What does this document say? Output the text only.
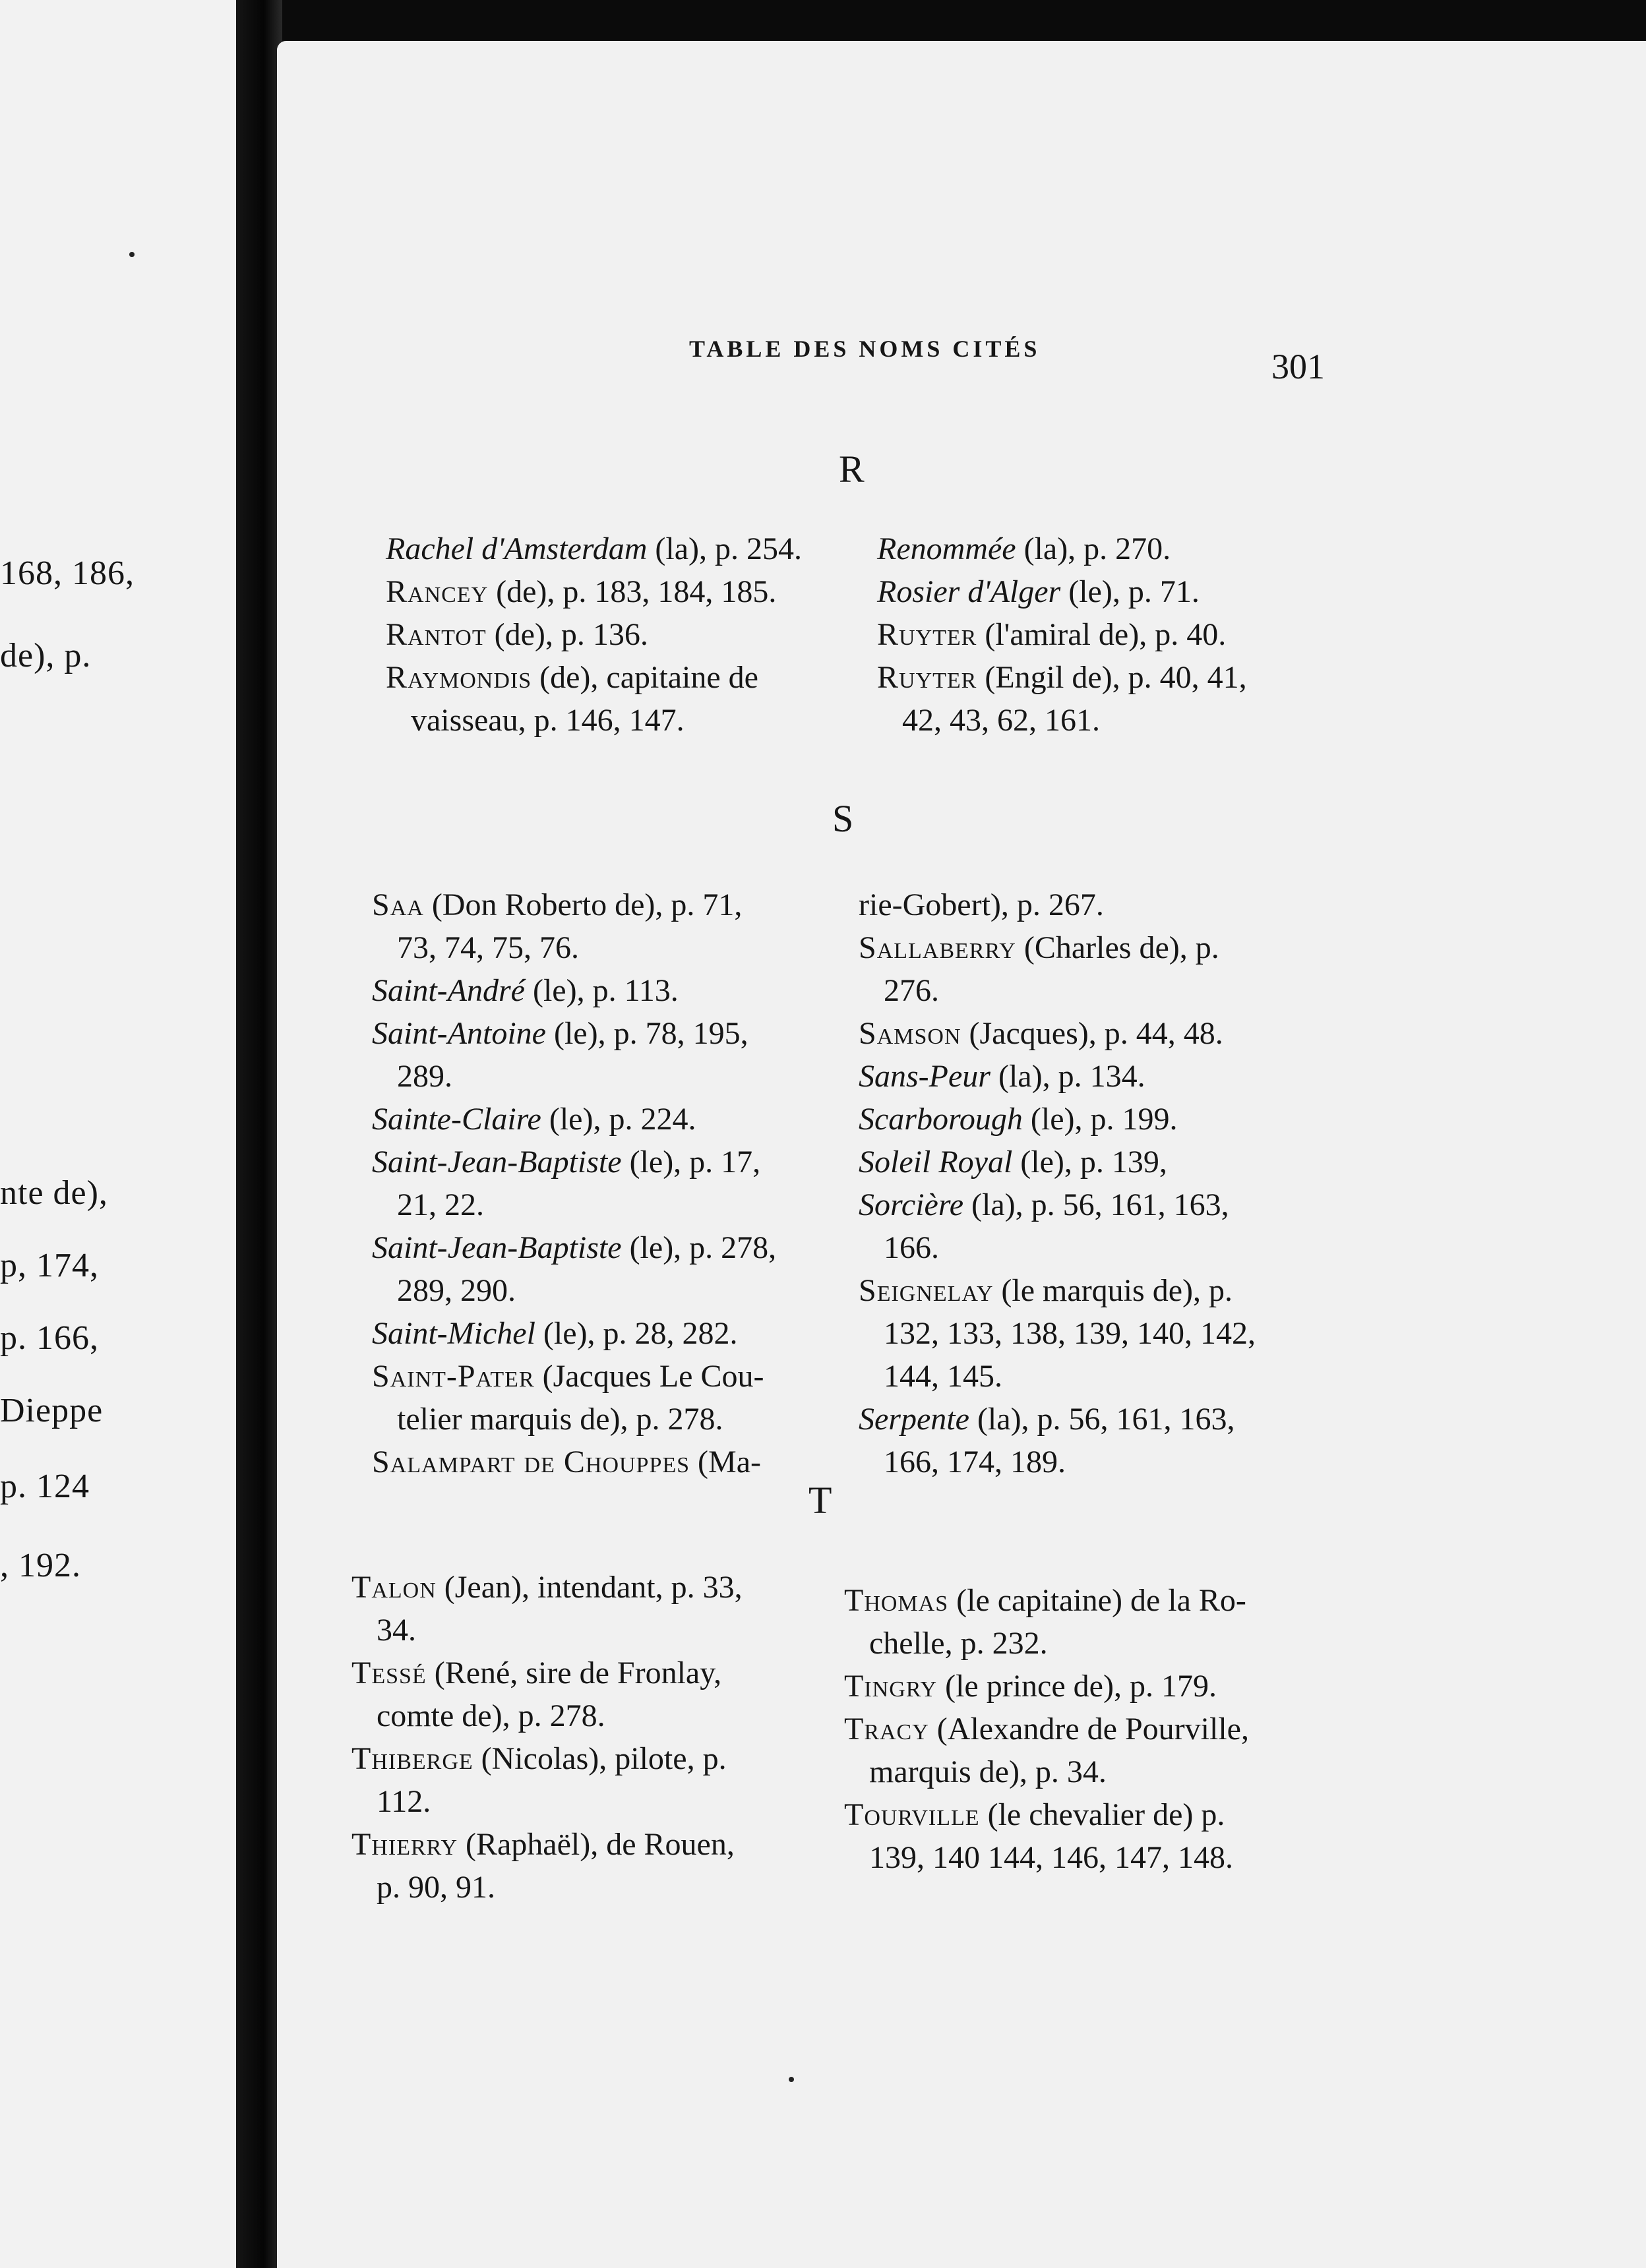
168, 186,
de), p.
nte de),
p, 174,
p. 166,
Dieppe
p. 124
, 192.
TABLE DES NOMS CITÉS	301
R
S
T
Rachel d'Amsterdam (la), p. 254.
Rancey (de), p. 183, 184, 185.
Rantot (de), p. 136.
Raymondis (de), capitaine de
vaisseau, p. 146, 147.
Renommée (la), p. 270.
Rosier d'Alger (le), p. 71.
Ruyter (l'amiral de), p. 40.
Ruyter (Engil de), p. 40, 41,
42, 43, 62, 161.
Saa (Don Roberto de), p. 71,
73, 74, 75, 76.
Saint-André (le), p. 113.
Saint-Antoine (le), p. 78, 195,
289.
Sainte-Claire (le), p. 224.
Saint-Jean-Baptiste (le), p. 17,
21, 22.
Saint-Jean-Baptiste (le), p. 278,
289, 290.
Saint-Michel (le), p. 28, 282.
Saint-Pater (Jacques Le Cou-
telier marquis de), p. 278.
Salampart de Chouppes (Ma-
rie-Gobert), p. 267.
Sallaberry (Charles de), p.
276.
Samson (Jacques), p. 44, 48.
Sans-Peur (la), p. 134.
Scarborough (le), p. 199.
Soleil Royal (le), p. 139,
Sorcière (la), p. 56, 161, 163,
166.
Seignelay (le marquis de), p.
132, 133, 138, 139, 140, 142,
144, 145.
Serpente (la), p. 56, 161, 163,
166, 174, 189.
Talon (Jean), intendant, p. 33,
34.
Tessé (René, sire de Fronlay,
comte de), p. 278.
Thiberge (Nicolas), pilote, p.
112.
Thierry (Raphaël), de Rouen,
p. 90, 91.
Thomas (le capitaine) de la Ro-
chelle, p. 232.
Tingry (le prince de), p. 179.
Tracy (Alexandre de Pourville,
marquis de), p. 34.
Tourville (le chevalier de) p.
139, 140 144, 146, 147, 148.
